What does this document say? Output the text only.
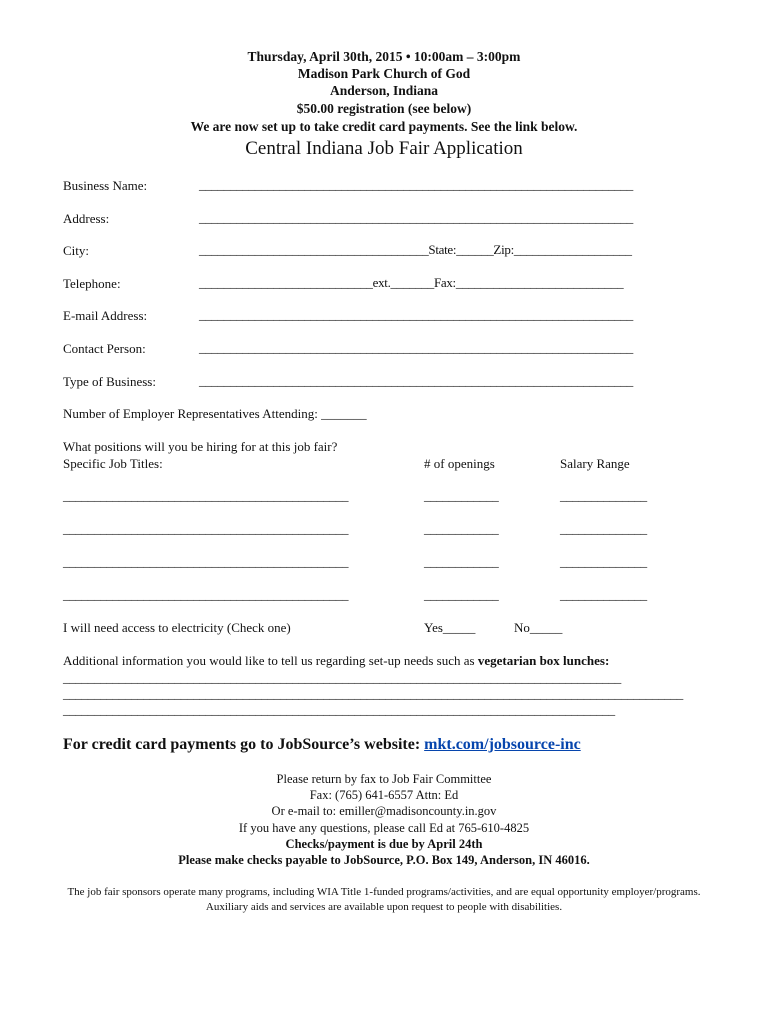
Thursday, April 30th, 2015 • 10:00am – 3:00pm
Madison Park Church of God
Anderson, Indiana
$50.00 registration (see below)
We are now set up to take credit card payments. See the link below.
Central Indiana Job Fair Application
Business Name:	______________________________________________________________________
Address:	______________________________________________________________________
City:	_____________________________________State:______Zip:___________________
Telephone:	____________________________ext._______Fax:___________________________
E-mail Address:	______________________________________________________________________
Contact Person:	______________________________________________________________________
Type of Business:	______________________________________________________________________
Number of Employer Representatives Attending: _______
What positions will you be hiring for at this job fair?
Specific Job Titles:	# of openings	Salary Range
______________________________________________	____________	______________
______________________________________________	____________	______________
______________________________________________	____________	______________
______________________________________________	____________	______________
I will need access to electricity (Check one)	Yes_____	No_____
Additional information you would like to tell us regarding set-up needs such as vegetarian box lunches:
__________________________________________________________________________________________
____________________________________________________________________________________________________
_________________________________________________________________________________________
For credit card payments go to JobSource’s website: mkt.com/jobsource-inc
Please return by fax to Job Fair Committee
Fax: (765) 641-6557 Attn: Ed
Or e-mail to: emiller@madisoncounty.in.gov
If you have any questions, please call Ed at 765-610-4825
Checks/payment is due by April 24th
Please make checks payable to JobSource, P.O. Box 149, Anderson, IN 46016.
The job fair sponsors operate many programs, including WIA Title 1-funded programs/activities, and are equal opportunity employer/programs. Auxiliary aids and services are available upon request to people with disabilities.
